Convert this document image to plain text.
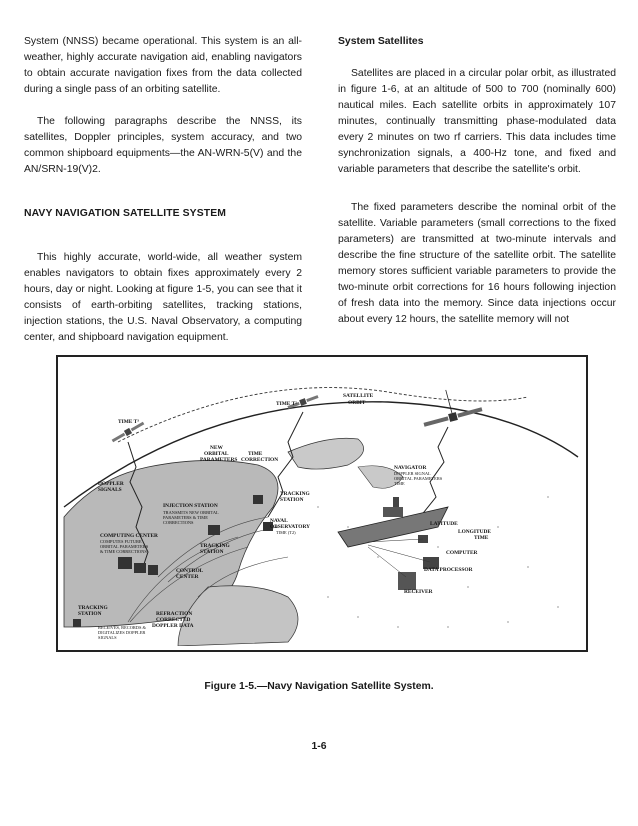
System (NNSS) became operational. This system is an all-weather, highly accurate navigation aid, enabling navigators to obtain accurate navigation fixes from the data collected during a single pass of an orbiting satellite.

The following paragraphs describe the NNSS, its satellites, Doppler principles, system accuracy, and two common shipboard equipments—the AN-WRN-5(V) and the AN/SRN-19(V)2.

NAVY NAVIGATION SATELLITE SYSTEM

This highly accurate, world-wide, all weather system enables navigators to obtain fixes approximately every 2 hours, day or night. Looking at figure 1-5, you can see that it consists of earth-orbiting satellites, tracking stations, injection stations, the U.S. Naval Observatory, a computing center, and shipboard navigation equipment.

System Satellites

Satellites are placed in a circular polar orbit, as illustrated in figure 1-6, at an altitude of 500 to 700 (nominally 600) nautical miles. Each satellite orbits in approximately 107 minutes, continually transmitting phase-modulated data every 2 minutes on two rf carriers. This data includes time synchronization signals, a 400-Hz tone, and fixed and variable parameters that describe the satellite's orbit.

The fixed parameters describe the nominal orbit of the satellite. Variable parameters (small corrections to the fixed parameters) are transmitted at two-minute intervals and describe the fine structure of the satellite orbit. The satellite memory stores sufficient variable parameters to provide the two-minute orbit corrections for 16 hours following injection of fresh data into the memory. Since data injections occur about every 12 hours, the satellite memory will not

TIME T³
TIME T²
SATELLITE
ORBIT
NEW
ORBITAL
PARAMETERS
TIME
CORRECTION
DOPPLER
SIGNALS
INJECTION STATION
TRANSMITS NEW ORBITAL
PARAMETERS & TIME
CORRECTIONS
TRACKING
STATION
NAVAL
OBSERVATORY
TIME (T2)
COMPUTING CENTER
COMPUTES FUTURE
ORBITAL PARAMETERS
& TIME CORRECTIONS
TRACKING
STATION
CONTROL
CENTER
TRACKING
STATION
RECEIVES, RECORDS &
DIGITALIZES DOPPLER
SIGNALS
REFRACTION
CORRECTED
DOPPLER DATA
NAVIGATOR
DOPPLER SIGNAL
ORBITAL PARAMETERS
TIME
LATITUDE
LONGITUDE
TIME
COMPUTER
DATA PROCESSOR
RECEIVER
Figure 1-5.—Navy Navigation Satellite System.
1-6
